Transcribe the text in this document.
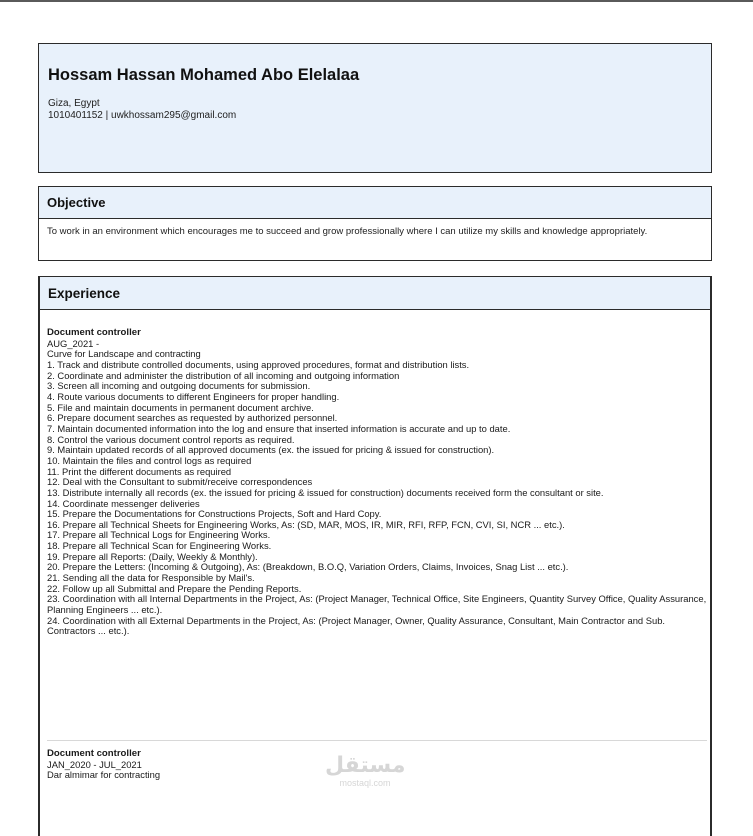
Hossam Hassan Mohamed Abo Elelalaa
Giza, Egypt
1010401152 | uwkhossam295@gmail.com
Objective
To work in an environment which encourages me to succeed and grow professionally where I can utilize my skills and knowledge appropriately.
Experience
Document controller
AUG_2021 -
Curve for Landscape and contracting
1. Track and distribute controlled documents, using approved procedures, format and distribution lists.
2. Coordinate and administer the distribution of all incoming and outgoing information
3. Screen all incoming and outgoing documents for submission.
4. Route various documents to different Engineers for proper handling.
5. File and maintain documents in permanent document archive.
6. Prepare document searches as requested by authorized personnel.
7. Maintain documented information into the log and ensure that inserted information is accurate and up to date.
8. Control the various document control reports as required.
9. Maintain updated records of all approved documents (ex. the issued for pricing & issued for construction).
10. Maintain the files and control logs as required
11. Print the different documents as required
12. Deal with the Consultant to submit/receive correspondences
13. Distribute internally all records (ex. the issued for pricing & issued for construction) documents received form the consultant or site.
14. Coordinate messenger deliveries
15. Prepare the Documentations for Constructions Projects, Soft and Hard Copy.
16. Prepare all Technical Sheets for Engineering Works, As: (SD, MAR, MOS, IR, MIR, RFI, RFP, FCN, CVI, SI, NCR ... etc.).
17. Prepare all Technical Logs for Engineering Works.
18. Prepare all Technical Scan for Engineering Works.
19. Prepare all Reports: (Daily, Weekly & Monthly).
20. Prepare the Letters: (Incoming & Outgoing), As: (Breakdown, B.O.Q, Variation Orders, Claims, Invoices, Snag List ... etc.).
21. Sending all the data for Responsible by Mail's.
22. Follow up all Submittal and Prepare the Pending Reports.
23. Coordination with all Internal Departments in the Project, As: (Project Manager, Technical Office, Site Engineers, Quantity Survey Office, Quality Assurance, Planning Engineers ... etc.).
24. Coordination with all External Departments in the Project, As: (Project Manager, Owner, Quality Assurance, Consultant, Main Contractor and Sub. Contractors ... etc.).
Document controller
JAN_2020 - JUL_2021
Dar almimar for contracting	مستقل
mostaql.com
